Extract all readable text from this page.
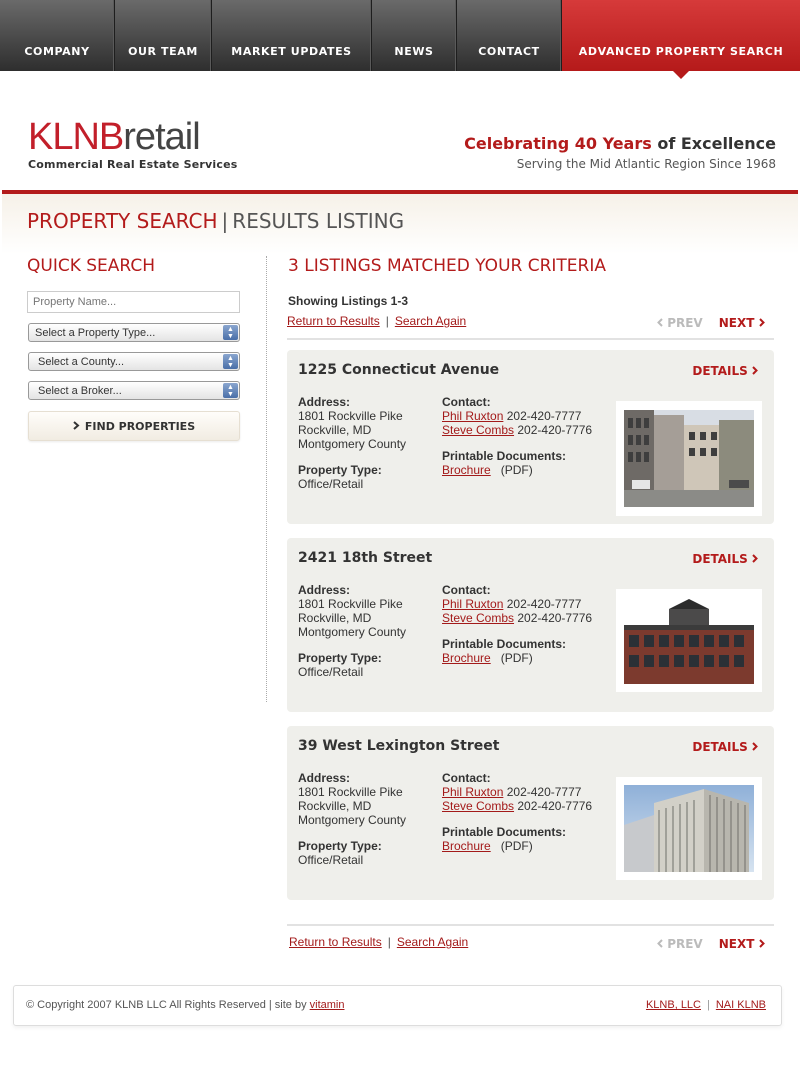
COMPANY	OUR TEAM	MARKET UPDATES	NEWS	CONTACT	ADVANCED PROPERTY SEARCH
KLNBretail
Commercial Real Estate Services
Celebrating 40 Years of Excellence
Serving the Mid Atlantic Region Since 1968
PROPERTY SEARCH | RESULTS LISTING
QUICK SEARCH
Property Name...
Select a Property Type...	▲
▼
Select a County...	▲
▼
Select a Broker...	▲
▼
FIND PROPERTIES
3 LISTINGS MATCHED YOUR CRITERIA
Showing Listings 1-3
Return to Results | Search Again	PREV NEXT
1225 Connecticut Avenue	DETAILS
Address:
1801 Rockville Pike
Rockville, MD
Montgomery County
Property Type:
Office/Retail
Contact:
Phil Ruxton 202-420-7777
Steve Combs 202-420-7776
Printable Documents:
Brochure (PDF)
2421 18th Street	DETAILS
Address:
1801 Rockville Pike
Rockville, MD
Montgomery County
Property Type:
Office/Retail
Contact:
Phil Ruxton 202-420-7777
Steve Combs 202-420-7776
Printable Documents:
Brochure (PDF)
39 West Lexington Street	DETAILS
Address:
1801 Rockville Pike
Rockville, MD
Montgomery County
Property Type:
Office/Retail
Contact:
Phil Ruxton 202-420-7777
Steve Combs 202-420-7776
Printable Documents:
Brochure (PDF)
Return to Results | Search Again	PREV NEXT
© Copyright 2007 KLNB LLC All Rights Reserved | site by vitamin	KLNB, LLC | NAI KLNB
